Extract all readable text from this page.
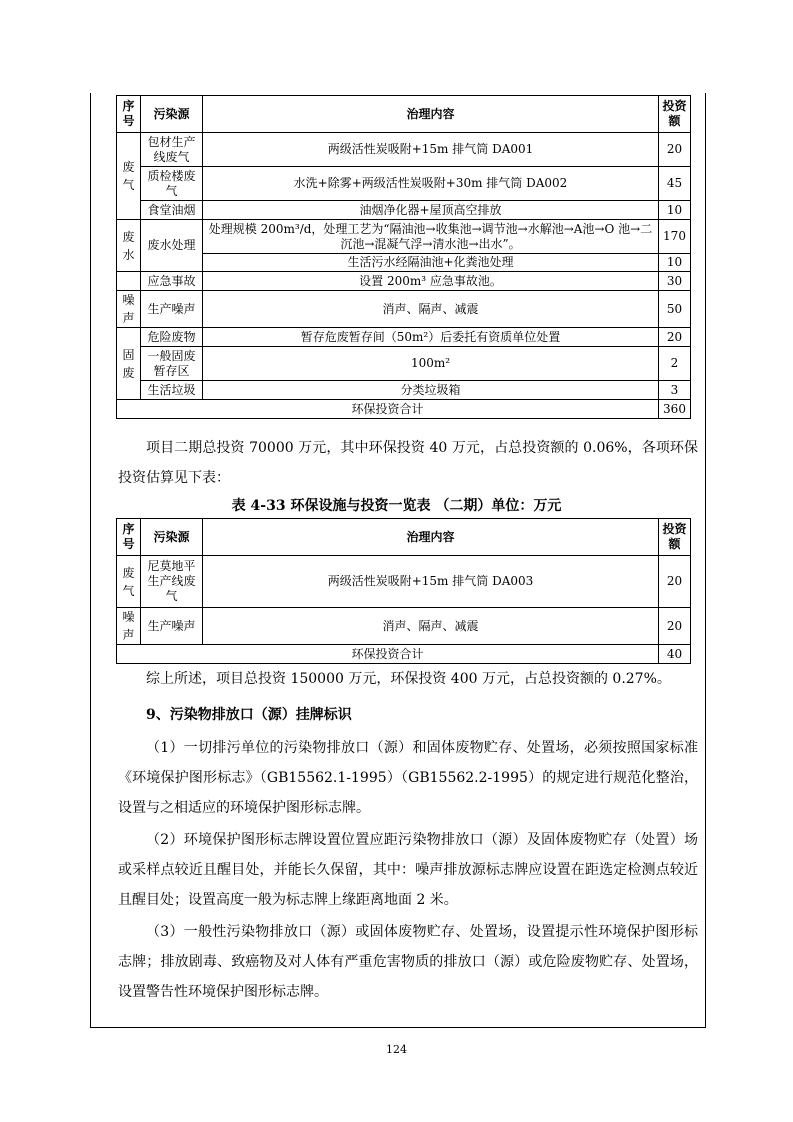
序号	污染源	治理内容	投资额
废气	包材生产线废气	两级活性炭吸附+15m 排气筒 DA001	20
	质检楼废气	水洗+除雾+两级活性炭吸附+30m 排气筒 DA002	45
	食堂油烟	油烟净化器+屋顶高空排放	10
废水	废水处理	处理规模 200m³/d，处理工艺为“隔油池→收集池→调节池→水解池→A池→O 池→二沉池→混凝气浮→清水池→出水”。	170
		生活污水经隔油池+化粪池处理	10
	应急事故	设置 200m³ 应急事故池。	30
噪声	生产噪声	消声、隔声、减震	50
固废	危险废物	暂存危废暂存间（50m²）后委托有资质单位处置	20
	一般固废暂存区	100m²	2
	生活垃圾	分类垃圾箱	3
环保投资合计			360

项目二期总投资 70000 万元，其中环保投资 40 万元，占总投资额的 0.06%，各项环保投资估算见下表：

表 4-33 环保设施与投资一览表 （二期）单位：万元

序号	污染源	治理内容	投资额
废气	尼莫地平生产线废气	两级活性炭吸附+15m 排气筒 DA003	20
噪声	生产噪声	消声、隔声、减震	20
环保投资合计			40

综上所述，项目总投资 150000 万元，环保投资 400 万元，占总投资额的 0.27%。

9、污染物排放口（源）挂牌标识

（1）一切排污单位的污染物排放口（源）和固体废物贮存、处置场，必须按照国家标准《环境保护图形标志》（GB15562.1-1995）（GB15562.2-1995）的规定进行规范化整治，设置与之相适应的环境保护图形标志牌。

（2）环境保护图形标志牌设置位置应距污染物排放口（源）及固体废物贮存（处置）场或采样点较近且醒目处，并能长久保留，其中：噪声排放源标志牌应设置在距选定检测点较近且醒目处；设置高度一般为标志牌上缘距离地面 2 米。

（3）一般性污染物排放口（源）或固体废物贮存、处置场，设置提示性环境保护图形标志牌；排放剧毒、致癌物及对人体有严重危害物质的排放口（源）或危险废物贮存、处置场，设置警告性环境保护图形标志牌。

124
